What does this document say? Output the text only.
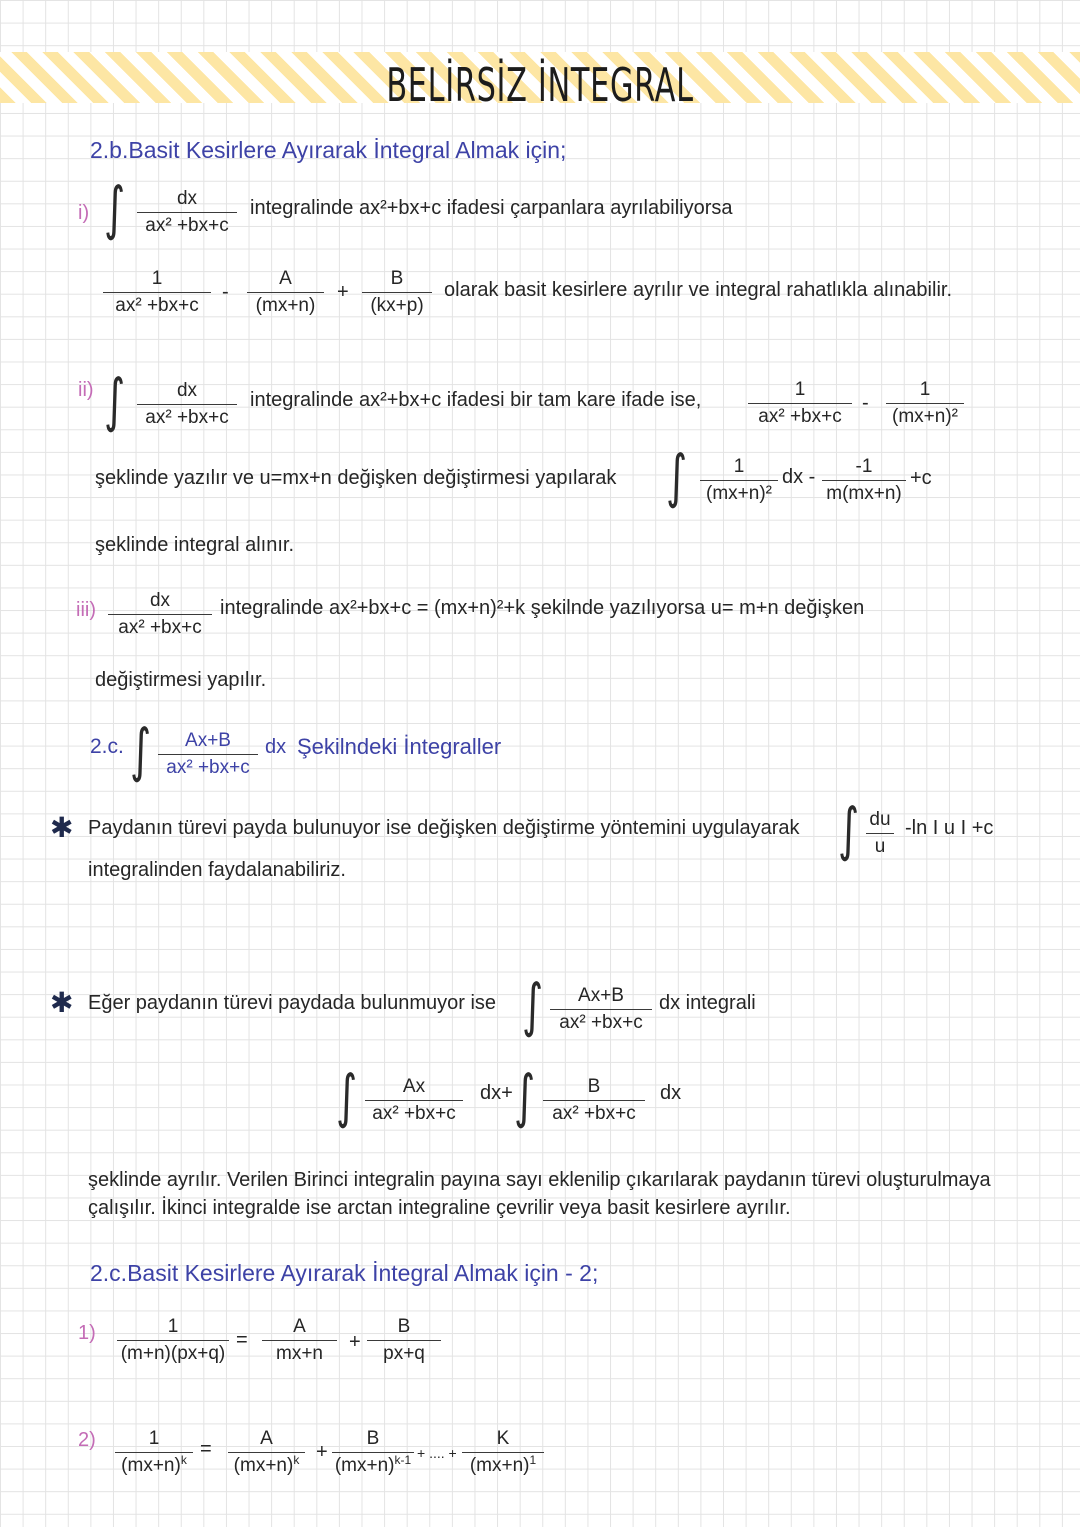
BELİRSİZ İNTEGRAL
2.b.Basit Kesirlere Ayırarak İntegral Almak için;
i) ∫	dx
ax² +bx+c
integralinde ax²+bx+c ifadesi çarpanlara ayrılabiliyorsa
1
ax² +bx+c
-
A
(mx+n)
+
B
(kx+p)
olarak basit kesirlere ayrılır ve integral rahatlıkla alınabilir.
ii) ∫	dx
ax² +bx+c
integralinde ax²+bx+c ifadesi bir tam kare ifade ise,	1
ax² +bx+c
-
1
(mx+n)²
şeklinde yazılır ve u=mx+n değişken değiştirmesi yapılarak ∫ 1
(mx+n)²
dx - -1
m(mx+n)
+c
şeklinde integral alınır.
iii)	dx
ax² +bx+c
integralinde ax²+bx+c = (mx+n)²+k şekilnde yazılıyorsa u= m+n değişken
değiştirmesi yapılır.
2.c. ∫ Ax+B
ax² +bx+c
dx Şekilndeki İntegraller
✱ Paydanın türevi payda bulunuyor ise değişken değiştirme yöntemini uygulayarak ∫ du
u
-ln I u I +c
integralinden faydalanabiliriz.
✱ Eğer paydanın türevi paydada bulunmuyor ise ∫ Ax+B
ax² +bx+c
dx integrali
∫ Ax
ax² +bx+c
dx+ ∫	B
ax² +bx+c
dx
şeklinde ayrılır. Verilen Birinci integralin payına sayı eklenilip çıkarılarak paydanın türevi oluşturulmaya
çalışılır. İkinci integralde ise arctan integraline çevrilir veya basit kesirlere ayrılır.
2.c.Basit Kesirlere Ayırarak İntegral Almak için - 2;
1)	1
(m+n)(px+q)
=
A
mx+n
+
B
px+q
2)	1
$(mx+n)^k$ =	A
$(mx+n)^k$ +
B
$(mx+n)^{k-1}$ + .... +
K
$(mx+n)^1$
